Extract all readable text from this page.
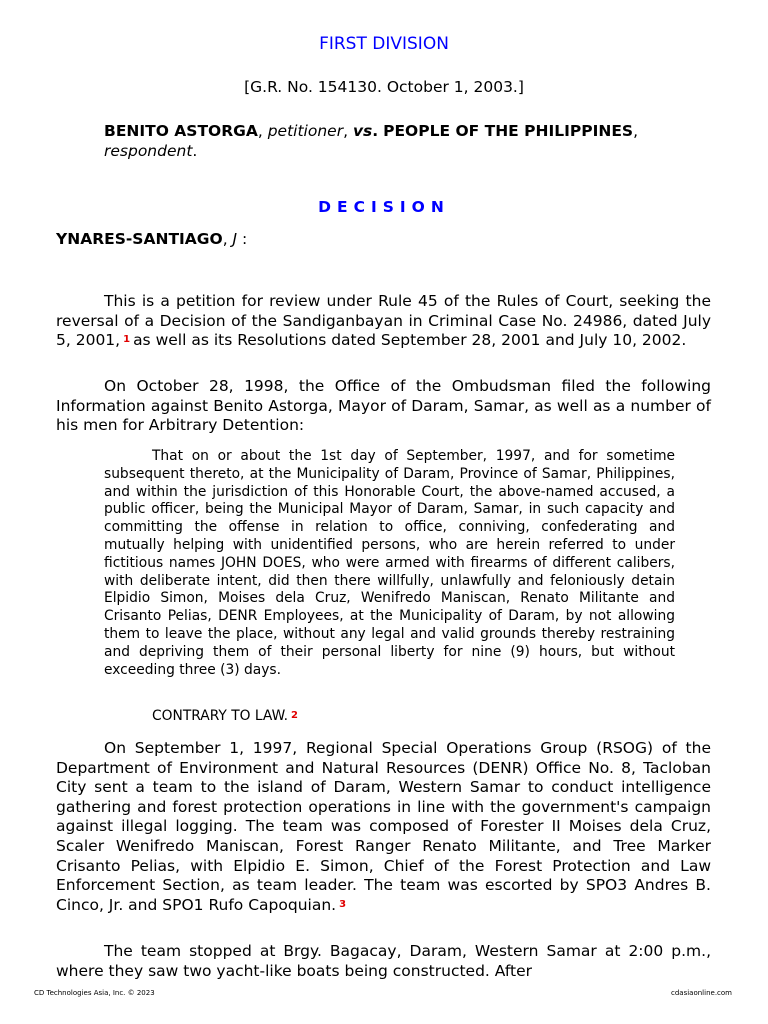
FIRST DIVISION
[G.R. No. 154130. October 1, 2003.]
BENITO ASTORGA, petitioner, vs. PEOPLE OF THE PHILIPPINES, respondent.
DECISION
YNARES-SANTIAGO, J :

This is a petition for review under Rule 45 of the Rules of Court, seeking the reversal of a Decision of the Sandiganbayan in Criminal Case No. 24986, dated July 5, 2001, $^1$ as well as its Resolutions dated September 28, 2001 and July 10, 2002.

On October 28, 1998, the Office of the Ombudsman filed the following Information against Benito Astorga, Mayor of Daram, Samar, as well as a number of his men for Arbitrary Detention:

That on or about the 1st day of September, 1997, and for sometime subsequent thereto, at the Municipality of Daram, Province of Samar, Philippines, and within the jurisdiction of this Honorable Court, the above-named accused, a public officer, being the Municipal Mayor of Daram, Samar, in such capacity and committing the offense in relation to office, conniving, confederating and mutually helping with unidentified persons, who are herein referred to under fictitious names JOHN DOES, who were armed with firearms of different calibers, with deliberate intent, did then there willfully, unlawfully and feloniously detain Elpidio Simon, Moises dela Cruz, Wenifredo Maniscan, Renato Militante and Crisanto Pelias, DENR Employees, at the Municipality of Daram, by not allowing them to leave the place, without any legal and valid grounds thereby restraining and depriving them of their personal liberty for nine (9) hours, but without exceeding three (3) days.

CONTRARY TO LAW. $^2$

On September 1, 1997, Regional Special Operations Group (RSOG) of the Department of Environment and Natural Resources (DENR) Office No. 8, Tacloban City sent a team to the island of Daram, Western Samar to conduct intelligence gathering and forest protection operations in line with the government's campaign against illegal logging. The team was composed of Forester II Moises dela Cruz, Scaler Wenifredo Maniscan, Forest Ranger Renato Militante, and Tree Marker Crisanto Pelias, with Elpidio E. Simon, Chief of the Forest Protection and Law Enforcement Section, as team leader. The team was escorted by SPO3 Andres B. Cinco, Jr. and SPO1 Rufo Capoquian. $^3$

The team stopped at Brgy. Bagacay, Daram, Western Samar at 2:00 p.m., where they saw two yacht-like boats being constructed. After

CD Technologies Asia, Inc. © 2023	cdasiaonline.com
